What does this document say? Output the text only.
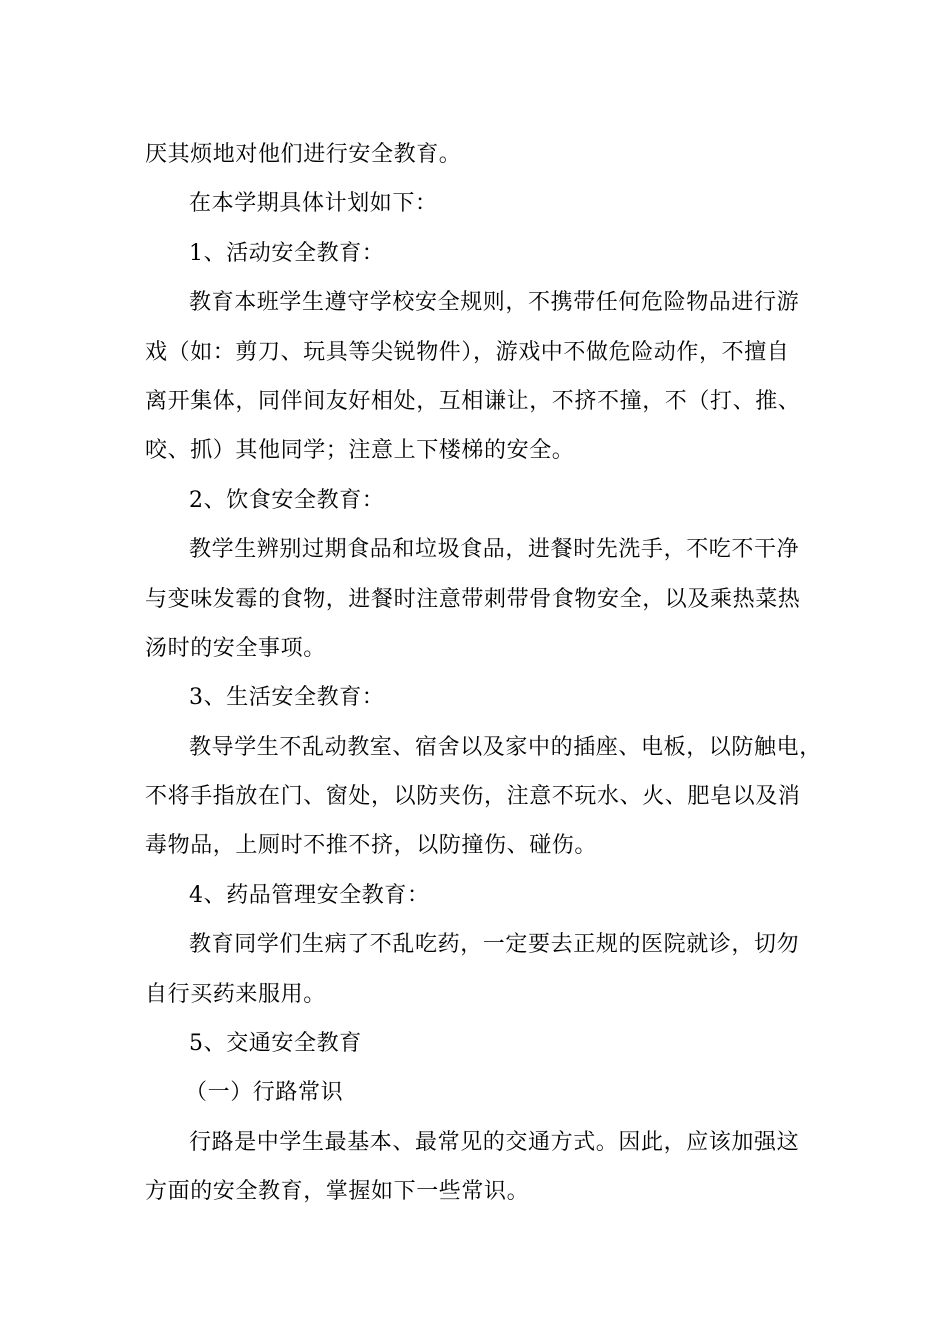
厌其烦地对他们进行安全教育。
在本学期具体计划如下：
1、活动安全教育：
教育本班学生遵守学校安全规则，不携带任何危险物品进行游
戏（如：剪刀、玩具等尖锐物件），游戏中不做危险动作，不擅自
离开集体，同伴间友好相处，互相谦让，不挤不撞，不（打、推、
咬、抓）其他同学；注意上下楼梯的安全。
2、饮食安全教育：
教学生辨别过期食品和垃圾食品，进餐时先洗手，不吃不干净
与变味发霉的食物，进餐时注意带刺带骨食物安全，以及乘热菜热
汤时的安全事项。
3、生活安全教育：
教导学生不乱动教室、宿舍以及家中的插座、电板，以防触电，
不将手指放在门、窗处，以防夹伤，注意不玩水、火、肥皂以及消
毒物品，上厕时不推不挤，以防撞伤、碰伤。
4、药品管理安全教育：
教育同学们生病了不乱吃药，一定要去正规的医院就诊，切勿
自行买药来服用。
5、交通安全教育
（一）行路常识
行路是中学生最基本、最常见的交通方式。因此，应该加强这
方面的安全教育，掌握如下一些常识。
